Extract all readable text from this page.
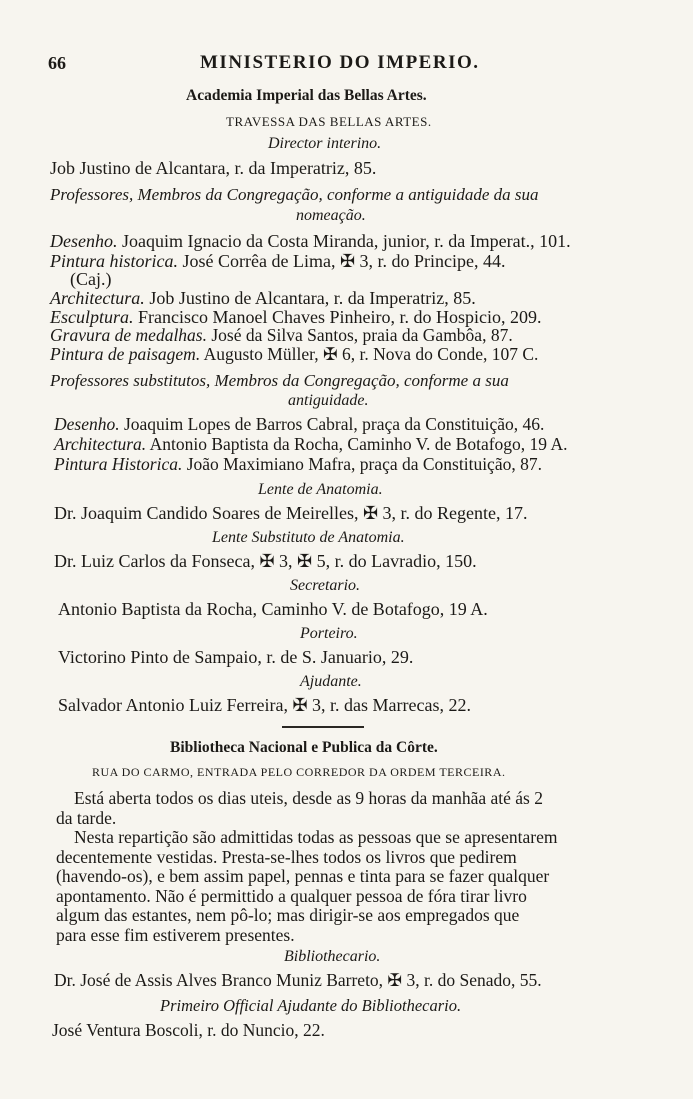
66	MINISTERIO DO IMPERIO.
Academia Imperial das Bellas Artes.
TRAVESSA DAS BELLAS ARTES.
Director interino.
Job Justino de Alcantara, r. da Imperatriz, 85.
Professores, Membros da Congregação, conforme a antiguidade da sua
nomeação.
Desenho. Joaquim Ignacio da Costa Miranda, junior, r. da Imperat., 101.
Pintura historica. José Corrêa de Lima, ✠ 3, r. do Principe, 44.
(Caj.)
Architectura. Job Justino de Alcantara, r. da Imperatriz, 85.
Esculptura. Francisco Manoel Chaves Pinheiro, r. do Hospicio, 209.
Gravura de medalhas. José da Silva Santos, praia da Gambôa, 87.
Pintura de paisagem. Augusto Müller, ✠ 6, r. Nova do Conde, 107 C.
Professores substitutos, Membros da Congregação, conforme a sua
antiguidade.
Desenho. Joaquim Lopes de Barros Cabral, praça da Constituição, 46.
Architectura. Antonio Baptista da Rocha, Caminho V. de Botafogo, 19 A.
Pintura Historica. João Maximiano Mafra, praça da Constituição, 87.
Lente de Anatomia.
Dr. Joaquim Candido Soares de Meirelles, ✠ 3, r. do Regente, 17.
Lente Substituto de Anatomia.
Dr. Luiz Carlos da Fonseca, ✠ 3, ✠ 5, r. do Lavradio, 150.
Secretario.
Antonio Baptista da Rocha, Caminho V. de Botafogo, 19 A.
Porteiro.
Victorino Pinto de Sampaio, r. de S. Januario, 29.
Ajudante.
Salvador Antonio Luiz Ferreira, ✠ 3, r. das Marrecas, 22.
Bibliotheca Nacional e Publica da Côrte.
RUA DO CARMO, ENTRADA PELO CORREDOR DA ORDEM TERCEIRA.
Está aberta todos os dias uteis, desde as 9 horas da manhãa até ás 2
da tarde.
Nesta repartição são admittidas todas as pessoas que se apresentarem
decentemente vestidas. Presta-se-lhes todos os livros que pedirem
(havendo-os), e bem assim papel, pennas e tinta para se fazer qualquer
apontamento. Não é permittido a qualquer pessoa de fóra tirar livro
algum das estantes, nem pô-lo; mas dirigir-se aos empregados que
para esse fim estiverem presentes.
Bibliothecario.
Dr. José de Assis Alves Branco Muniz Barreto, ✠ 3, r. do Senado, 55.
Primeiro Official Ajudante do Bibliothecario.
José Ventura Boscoli, r. do Nuncio, 22.
